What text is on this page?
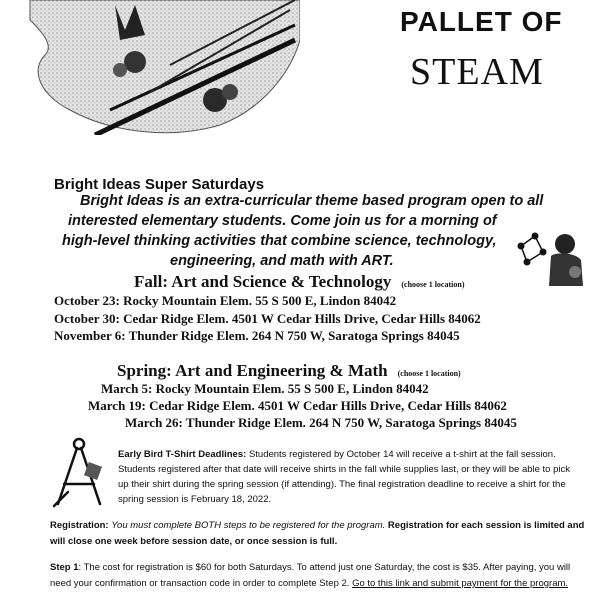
PALLET OF
STEAM
Bright Ideas Super Saturdays
Bright Ideas is an extra-curricular theme based program open to all
interested elementary students. Come join us for a morning of
high-level thinking activities that combine science, technology,
engineering, and math with ART.
Fall: Art and Science & Technology (choose 1 location)
October 23: Rocky Mountain Elem. 55 S 500 E, Lindon 84042
October 30: Cedar Ridge Elem. 4501 W Cedar Hills Drive, Cedar Hills 84062
November 6: Thunder Ridge Elem. 264 N 750 W, Saratoga Springs 84045
Spring: Art and Engineering & Math (choose 1 location)
March 5: Rocky Mountain Elem. 55 S 500 E, Lindon 84042
March 19: Cedar Ridge Elem. 4501 W Cedar Hills Drive, Cedar Hills 84062
March 26: Thunder Ridge Elem. 264 N 750 W, Saratoga Springs 84045
Early Bird T-Shirt Deadlines: Students registered by October 14 will receive a t-shirt at the fall session. Students registered after that date will receive shirts in the fall while supplies last, or they will be able to pick up their shirt during the spring session (if attending). The final registration deadline to receive a shirt for the spring session is February 18, 2022.
Registration: You must complete BOTH steps to be registered for the program. Registration for each session is limited and will close one week before session date, or once session is full.
Step 1: The cost for registration is $60 for both Saturdays. To attend just one Saturday, the cost is $35. After paying, you will need your confirmation or transaction code in order to complete Step 2. Go to this link and submit payment for the program.
